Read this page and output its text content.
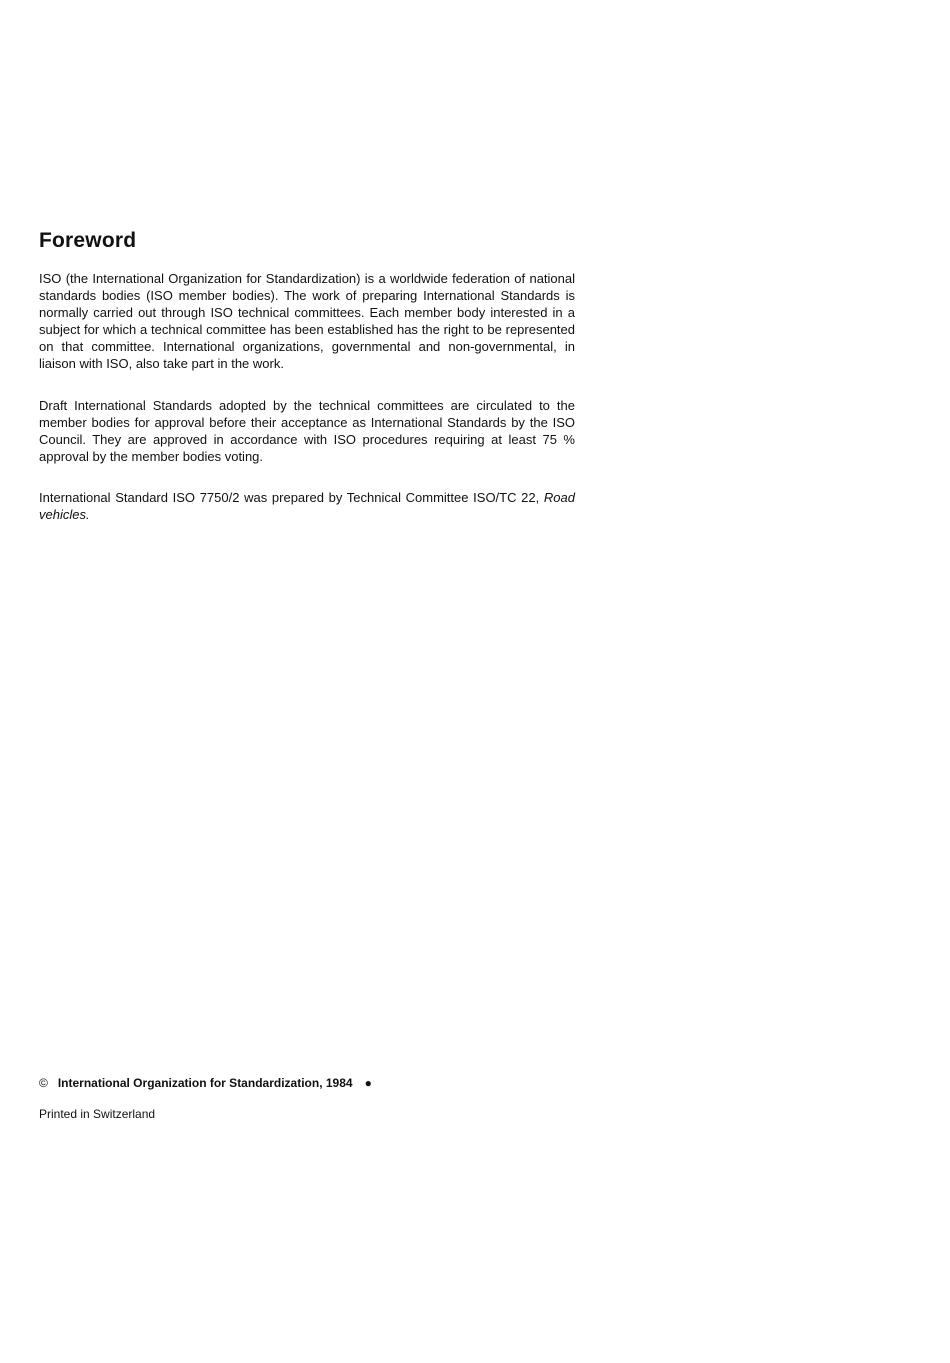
Foreword

ISO (the International Organization for Standardization) is a worldwide federation of national standards bodies (ISO member bodies). The work of preparing International Standards is normally carried out through ISO technical committees. Each member body interested in a subject for which a technical committee has been established has the right to be represented on that committee. International organizations, governmental and non-governmental, in liaison with ISO, also take part in the work.

Draft International Standards adopted by the technical committees are circulated to the member bodies for approval before their acceptance as International Standards by the ISO Council. They are approved in accordance with ISO procedures requiring at least 75 % approval by the member bodies voting.

International Standard ISO 7750/2 was prepared by Technical Committee ISO/TC 22, Road vehicles.

© International Organization for Standardization, 1984 ●
Printed in Switzerland
